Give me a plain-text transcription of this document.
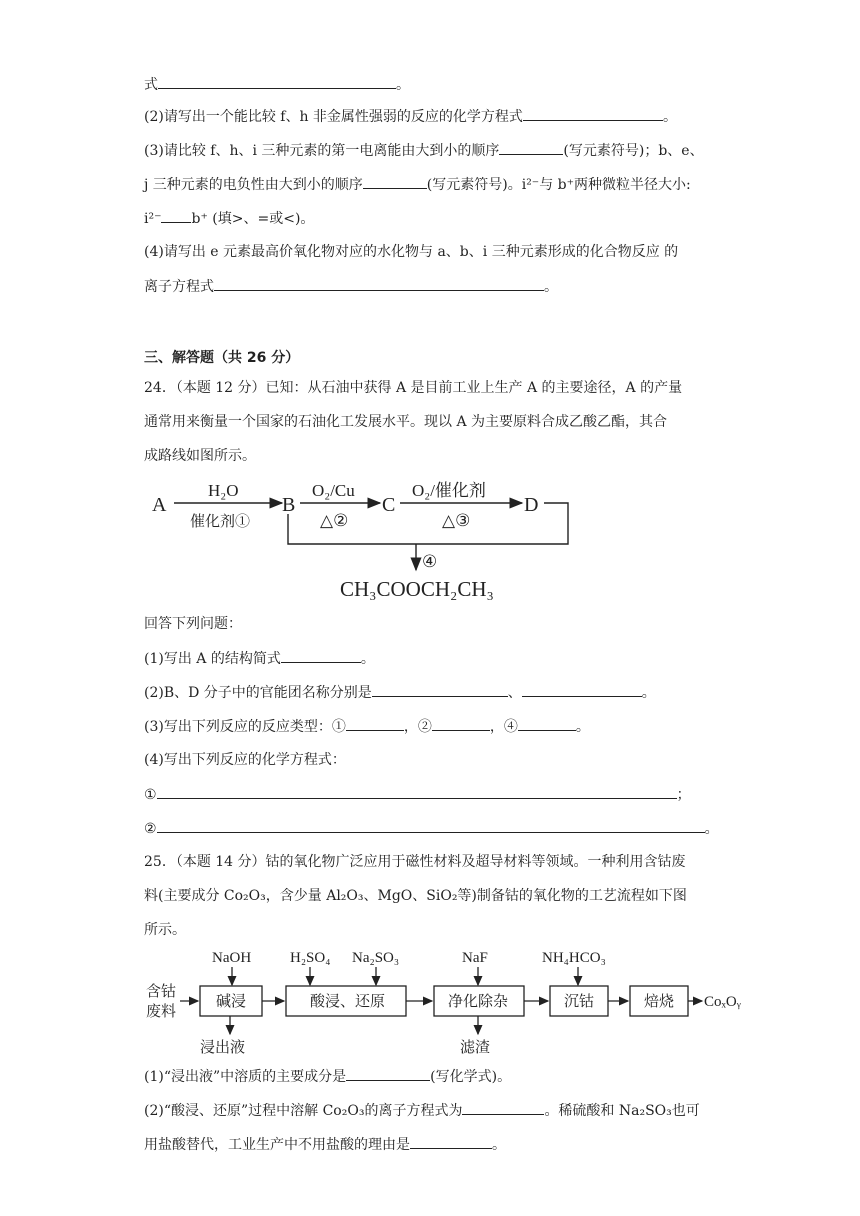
式	。
(2)请写出一个能比较 f、h 非金属性强弱的反应的化学方程式	。
(3)请比较 f、h、i 三种元素的第一电离能由大到小的顺序	(写元素符号)；b、e、
j 三种元素的电负性由大到小的顺序	(写元素符号)。i²⁻与 b⁺两种微粒半径大小:
i²⁻ b⁺ (填>、=或<)。
(4)请写出 e 元素最高价氧化物对应的水化物与 a、b、i 三种元素形成的化合物反应 的
离子方程式	。
三、解答题（共 26 分）
24．（本题 12 分）已知：从石油中获得 A 是目前工业上生产 A 的主要途径，A 的产量
通常用来衡量一个国家的石油化工发展水平。现以 A 为主要原料合成乙酸乙酯，其合
成路线如图所示。
A
H₂O
催化剂①
B
O₂/Cu
△②
C
O₂/催化剂
△③
D
④
CH₃COOCH₂CH₃
回答下列问题：
(1)写出 A 的结构简式	。
(2)B、D 分子中的官能团名称分别是	、	。
(3)写出下列反应的反应类型：①	，②	，④	。
(4)写出下列反应的化学方程式：
①	；
②	。
25．（本题 14 分）钴的氧化物广泛应用于磁性材料及超导材料等领域。一种利用含钴废
料(主要成分 Co₂O₃，含少量 Al₂O₃、MgO、SiO₂等)制备钴的氧化物的工艺流程如下图
所示。
含钴
废料
NaOH	H₂SO₄ Na₂SO₃	NaF	NH₄HCO₃
碱浸	酸浸、还原	净化除杂	沉钴	焙烧 CoₓOᵧ
浸出液	滤渣
(1)“浸出液”中溶质的主要成分是	(写化学式)。
(2)“酸浸、还原”过程中溶解 Co₂O₃的离子方程式为	。稀硫酸和 Na₂SO₃也可
用盐酸替代，工业生产中不用盐酸的理由是	。
